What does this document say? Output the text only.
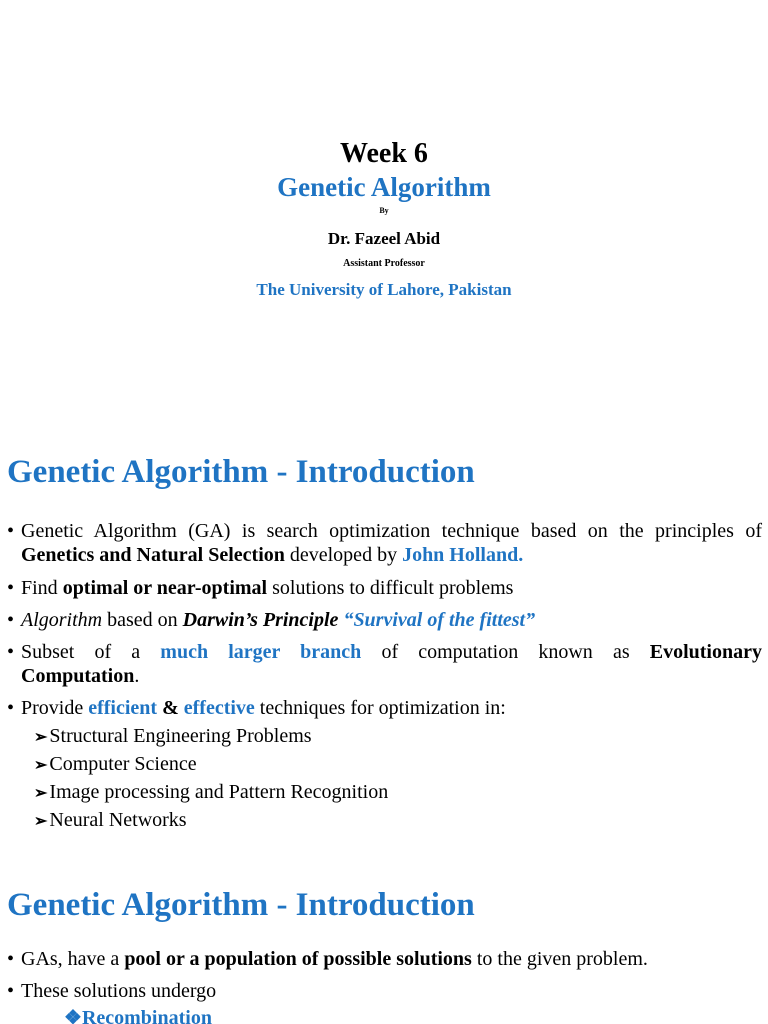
Week 6
Genetic Algorithm
By
Dr. Fazeel Abid
Assistant Professor
The University of Lahore, Pakistan
Genetic Algorithm - Introduction
• Genetic Algorithm (GA) is search optimization technique based on the principles of Genetics and Natural Selection developed by John Holland.
• Find optimal or near-optimal solutions to difficult problems
• Algorithm based on Darwin’s Principle “Survival of the fittest”
• Subset of a much larger branch of computation known as Evolutionary Computation.
• Provide efficient & effective techniques for optimization in:
➢ Structural Engineering Problems
➢ Computer Science
➢ Image processing and Pattern Recognition
➢ Neural Networks
Genetic Algorithm - Introduction
• GAs, have a pool or a population of possible solutions to the given problem.
• These solutions undergo
❖Recombination
